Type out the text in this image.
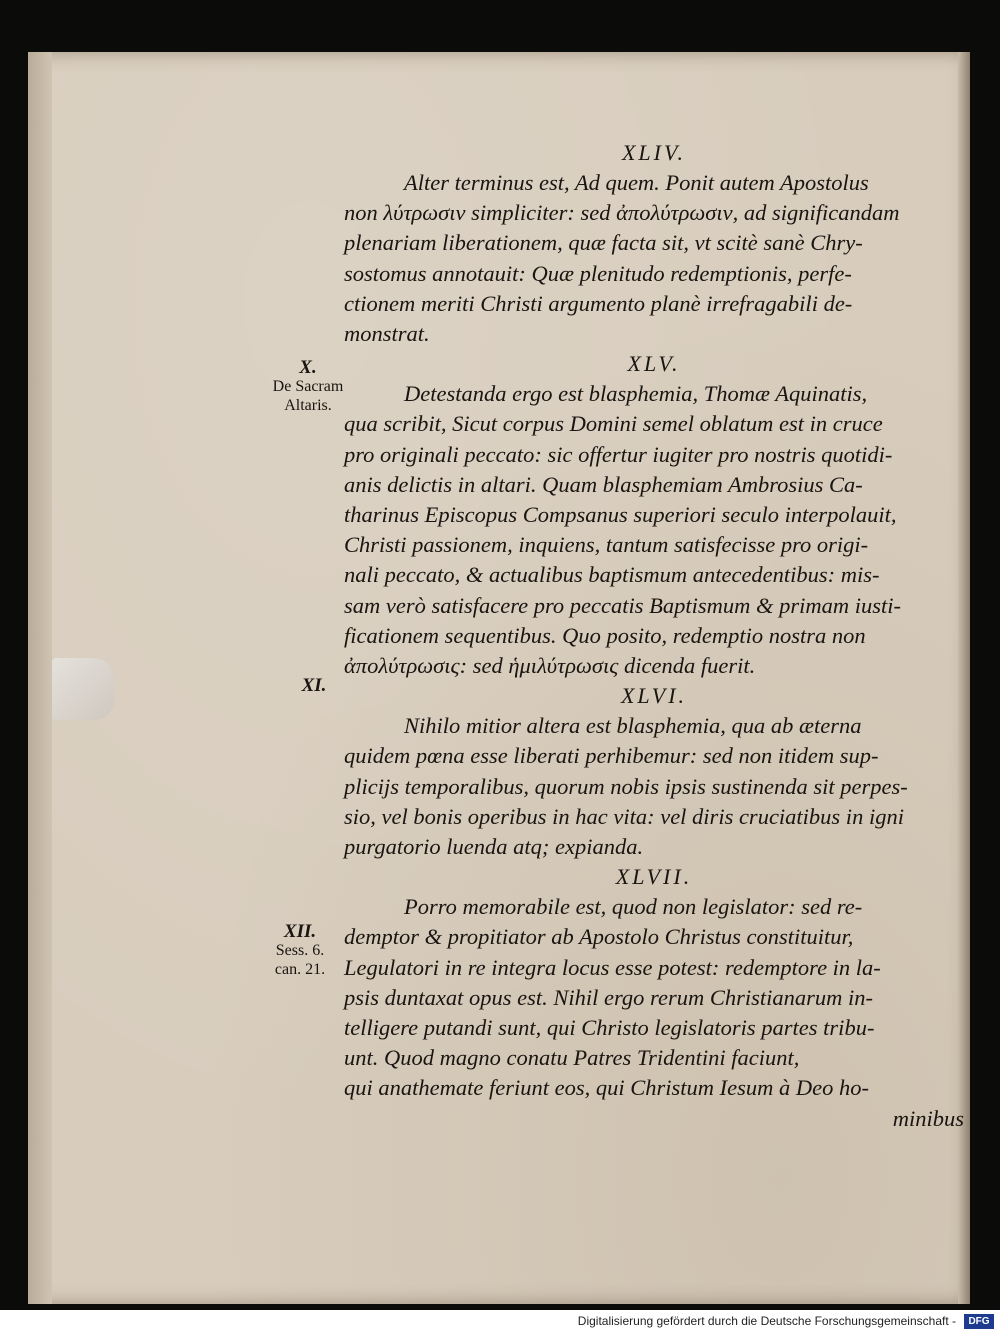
X.
De Sacram
Altaris.
XI.
XII.
Sess. 6.
can. 21.

XLIV.

Alter terminus est, Ad quem. Ponit autem Apostolus

non λύτρωσιν simpliciter: sed ἀπολύτρωσιν, ad significandam

plenariam liberationem, quæ facta sit, vt scitè sanè Chry-

sostomus annotauit: Quæ plenitudo redemptionis, perfe-

ctionem meriti Christi argumento planè irrefragabili de-

monstrat.

XLV.

Detestanda ergo est blasphemia, Thomæ Aquinatis,

qua scribit, Sicut corpus Domini semel oblatum est in cruce

pro originali peccato: sic offertur iugiter pro nostris quotidi-

anis delictis in altari. Quam blasphemiam Ambrosius Ca-

tharinus Episcopus Compsanus superiori seculo interpolauit,

Christi passionem, inquiens, tantum satisfecisse pro origi-

nali peccato, & actualibus baptismum antecedentibus: mis-

sam verò satisfacere pro peccatis Baptismum & primam iusti-

ficationem sequentibus. Quo posito, redemptio nostra non

ἀπολύτρωσις: sed ἡμιλύτρωσις dicenda fuerit.

XLVI.

Nihilo mitior altera est blasphemia, qua ab æterna

quidem pœna esse liberati perhibemur: sed non itidem sup-

plicijs temporalibus, quorum nobis ipsis sustinenda sit perpes-

sio, vel bonis operibus in hac vita: vel diris cruciatibus in igni

purgatorio luenda atq; expianda.

XLVII.

Porro memorabile est, quod non legislator: sed re-

demptor & propitiator ab Apostolo Christus constituitur,

Legulatori in re integra locus esse potest: redemptore in la-

psis duntaxat opus est. Nihil ergo rerum Christianarum in-

telligere putandi sunt, qui Christo legislatoris partes tribu-

unt. Quod magno conatu Patres Tridentini faciunt,

qui anathemate feriunt eos, qui Christum Iesum à Deo ho-

minibus

Digitalisierung gefördert durch die Deutsche Forschungsgemeinschaft -	DFG
